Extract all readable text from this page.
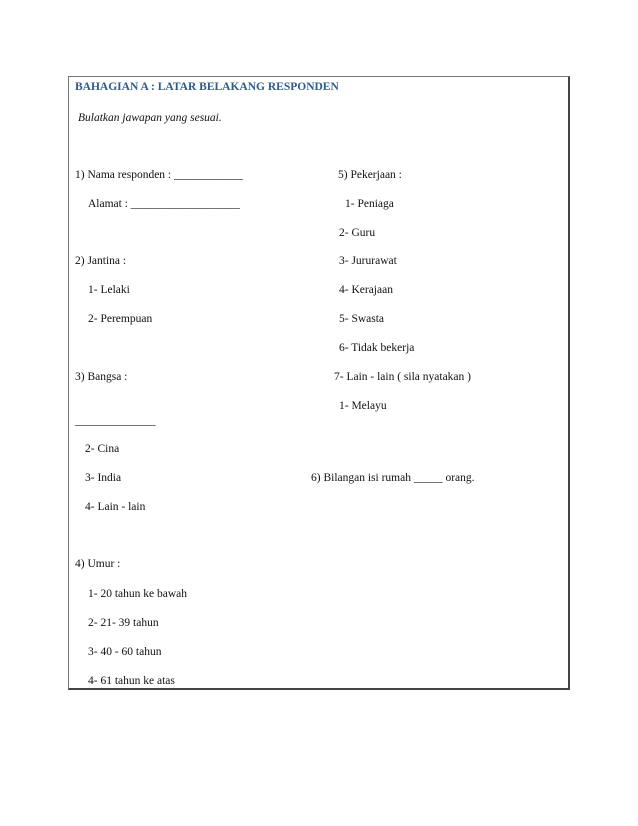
BAHAGIAN A : LATAR BELAKANG RESPONDEN
Bulatkan jawapan yang sesuai.
1) Nama responden : ____________
Alamat : ___________________
2) Jantina :
1- Lelaki
2- Perempuan
3) Bangsa :
______________
2- Cina
3- India
4- Lain - lain
4) Umur :
1- 20 tahun ke bawah
2- 21- 39 tahun
3- 40 - 60 tahun
4- 61 tahun ke atas
5) Pekerjaan :
1- Peniaga
2- Guru
3- Jururawat
4- Kerajaan
5- Swasta
6- Tidak bekerja
7- Lain - lain ( sila nyatakan )
1- Melayu
6) Bilangan isi rumah _____ orang.
